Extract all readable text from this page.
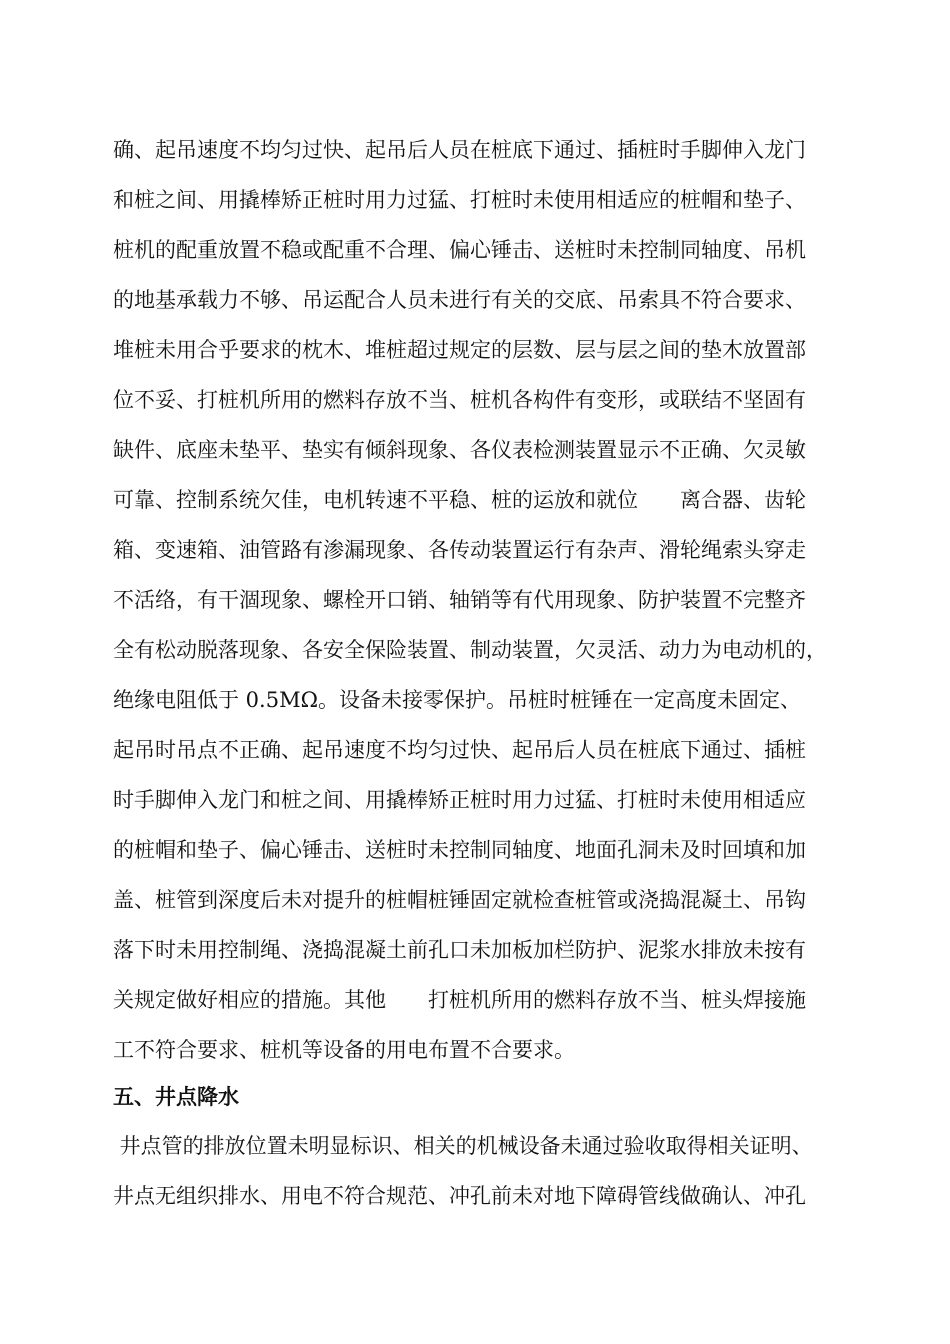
确、起吊速度不均匀过快、起吊后人员在桩底下通过、插桩时手脚伸入龙门
和桩之间、用撬棒矫正桩时用力过猛、打桩时未使用相适应的桩帽和垫子、
桩机的配重放置不稳或配重不合理、偏心锤击、送桩时未控制同轴度、吊机
的地基承载力不够、吊运配合人员未进行有关的交底、吊索具不符合要求、
堆桩未用合乎要求的枕木、堆桩超过规定的层数、层与层之间的垫木放置部
位不妥、打桩机所用的燃料存放不当、桩机各构件有变形，或联结不坚固有
缺件、底座未垫平、垫实有倾斜现象、各仪表检测装置显示不正确、欠灵敏
可靠、控制系统欠佳，电机转速不平稳、桩的运放和就位　　离合器、齿轮
箱、变速箱、油管路有渗漏现象、各传动装置运行有杂声、滑轮绳索头穿走
不活络，有干涸现象、螺栓开口销、轴销等有代用现象、防护装置不完整齐
全有松动脱落现象、各安全保险装置、制动装置，欠灵活、动力为电动机的，
绝缘电阻低于 0.5MΩ。设备未接零保护。吊桩时桩锤在一定高度未固定、
起吊时吊点不正确、起吊速度不均匀过快、起吊后人员在桩底下通过、插桩
时手脚伸入龙门和桩之间、用撬棒矫正桩时用力过猛、打桩时未使用相适应
的桩帽和垫子、偏心锤击、送桩时未控制同轴度、地面孔洞未及时回填和加
盖、桩管到深度后未对提升的桩帽桩锤固定就检查桩管或浇捣混凝土、吊钩
落下时未用控制绳、浇捣混凝土前孔口未加板加栏防护、泥浆水排放未按有
关规定做好相应的措施。其他　　打桩机所用的燃料存放不当、桩头焊接施
工不符合要求、桩机等设备的用电布置不合要求。
五、井点降水
井点管的排放位置未明显标识、相关的机械设备未通过验收取得相关证明、
井点无组织排水、用电不符合规范、冲孔前未对地下障碍管线做确认、冲孔
